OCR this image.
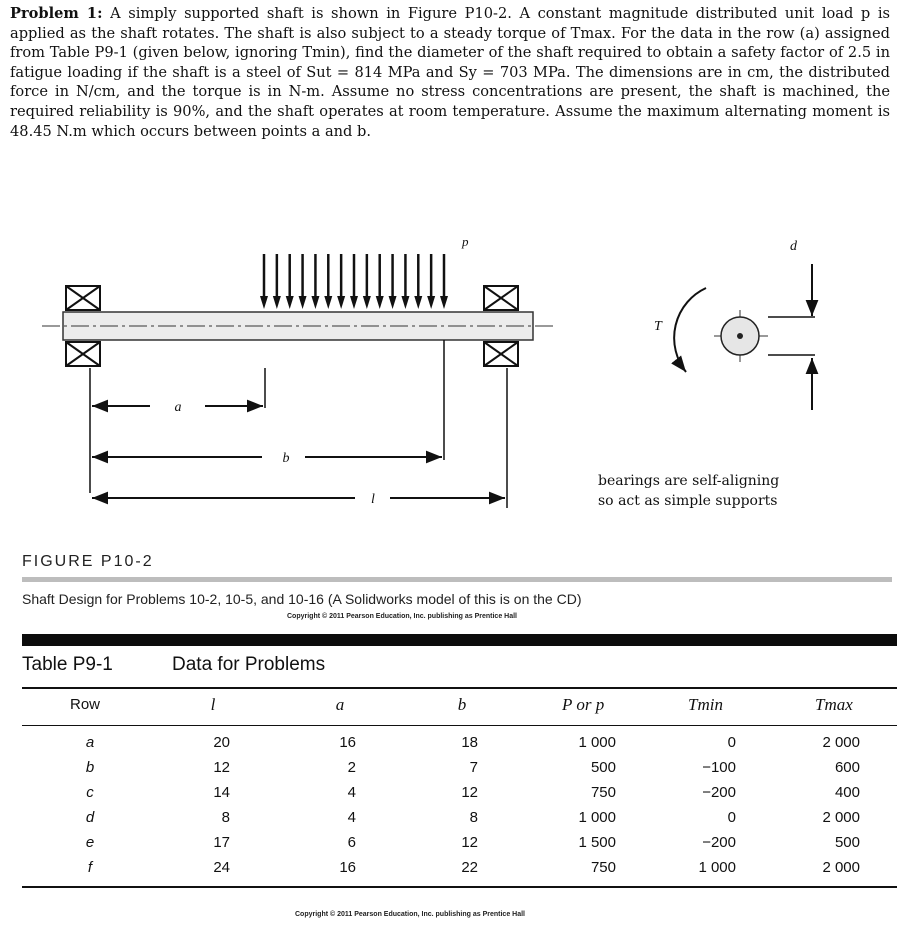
Problem 1: A simply supported shaft is shown in Figure P10-2. A constant magnitude distributed unit load p is applied as the shaft rotates. The shaft is also subject to a steady torque of Tmax. For the data in the row (a) assigned from Table P9-1 (given below, ignoring Tmin), find the diameter of the shaft required to obtain a safety factor of 2.5 in fatigue loading if the shaft is a steel of Sut = 814 MPa and Sy = 703 MPa. The dimensions are in cm, the distributed force in N/cm, and the torque is in N-m. Assume no stress concentrations are present, the shaft is machined, the required reliability is 90%, and the shaft operates at room temperature. Assume the maximum alternating moment is 48.45 N.m which occurs between points a and b.
p
a
b
l
T
d
bearings are self-aligning
so act as simple supports
FIGURE P10-2
Shaft Design for Problems 10-2, 10-5, and 10-16 (A Solidworks model of this is on the CD)
Copyright © 2011 Pearson Education, Inc. publishing as Prentice Hall
Table P9-1	Data for Problems
Row	l	a	b	P or p	Tmin	Tmax
a	20	16	18	1 000	0	2 000
b	12	2	7	500	−100	600
c	14	4	12	750	−200	400
d	8	4	8	1 000	0	2 000
e	17	6	12	1 500	−200	500
f	24	16	22	750	1 000	2 000
Copyright © 2011 Pearson Education, Inc. publishing as Prentice Hall
